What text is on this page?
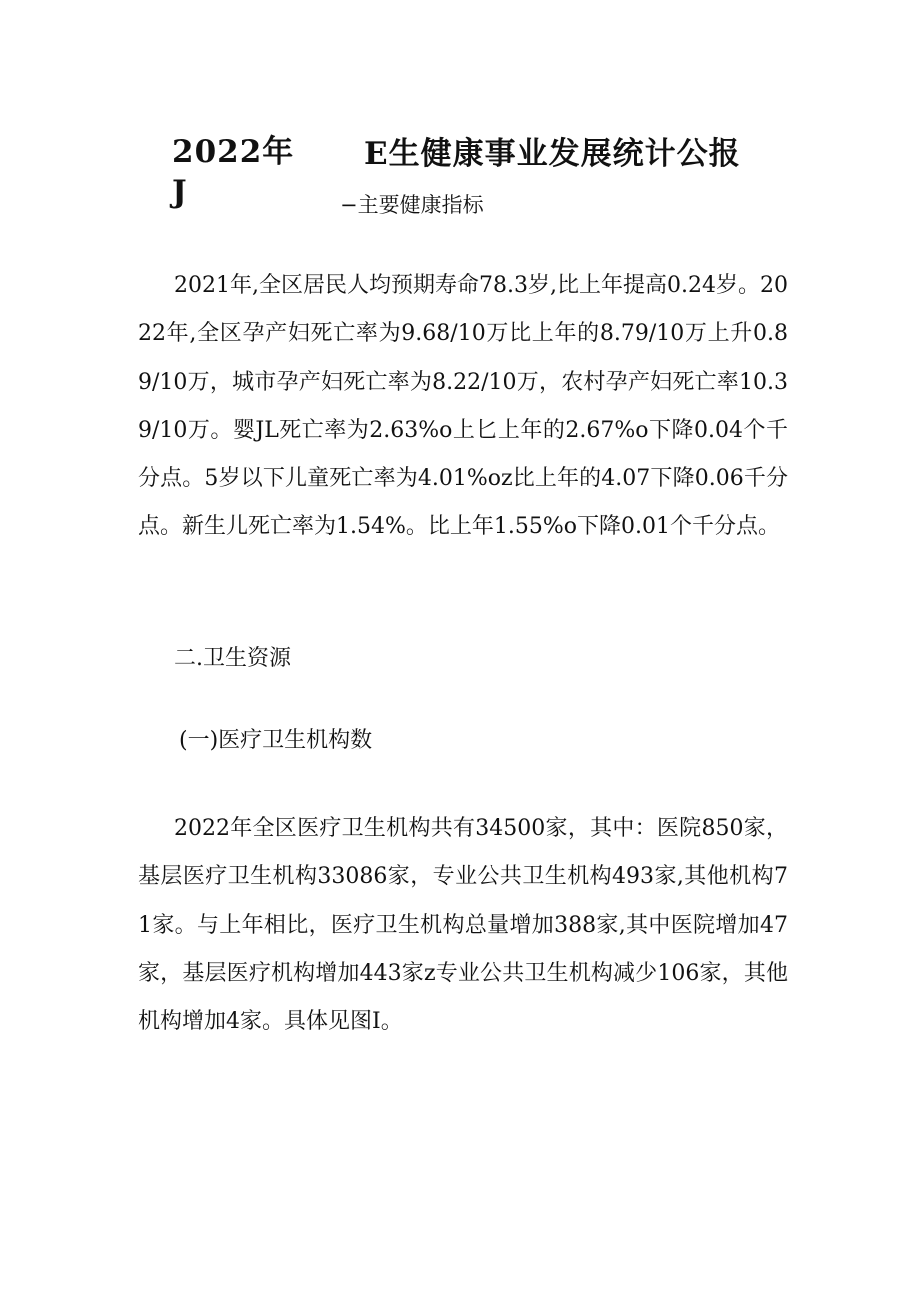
2022年
J
E生健康事业发展统计公报
−主要健康指标

2021年,全区居民人均预期寿命78.3岁,比上年提高0.24岁。2022年,全区孕产妇死亡率为9.68/10万比上年的8.79/10万上升0.89/10万，城市孕产妇死亡率为8.22/10万，农村孕产妇死亡率10.39/10万。婴JL死亡率为2.63%o上匕上年的2.67%o下降0.04个千分点。5岁以下儿童死亡率为4.01%oz比上年的4.07下降0.06千分点。新生儿死亡率为1.54%。比上年1.55%o下降0.01个千分点。

二.卫生资源
(一)医疗卫生机构数

2022年全区医疗卫生机构共有34500家，其中：医院850家，基层医疗卫生机构33086家，专业公共卫生机构493家,其他机构71家。与上年相比，医疗卫生机构总量增加388家,其中医院增加47家，基层医疗机构增加443家z专业公共卫生机构减少106家，其他机构增加4家。具体见图I。
